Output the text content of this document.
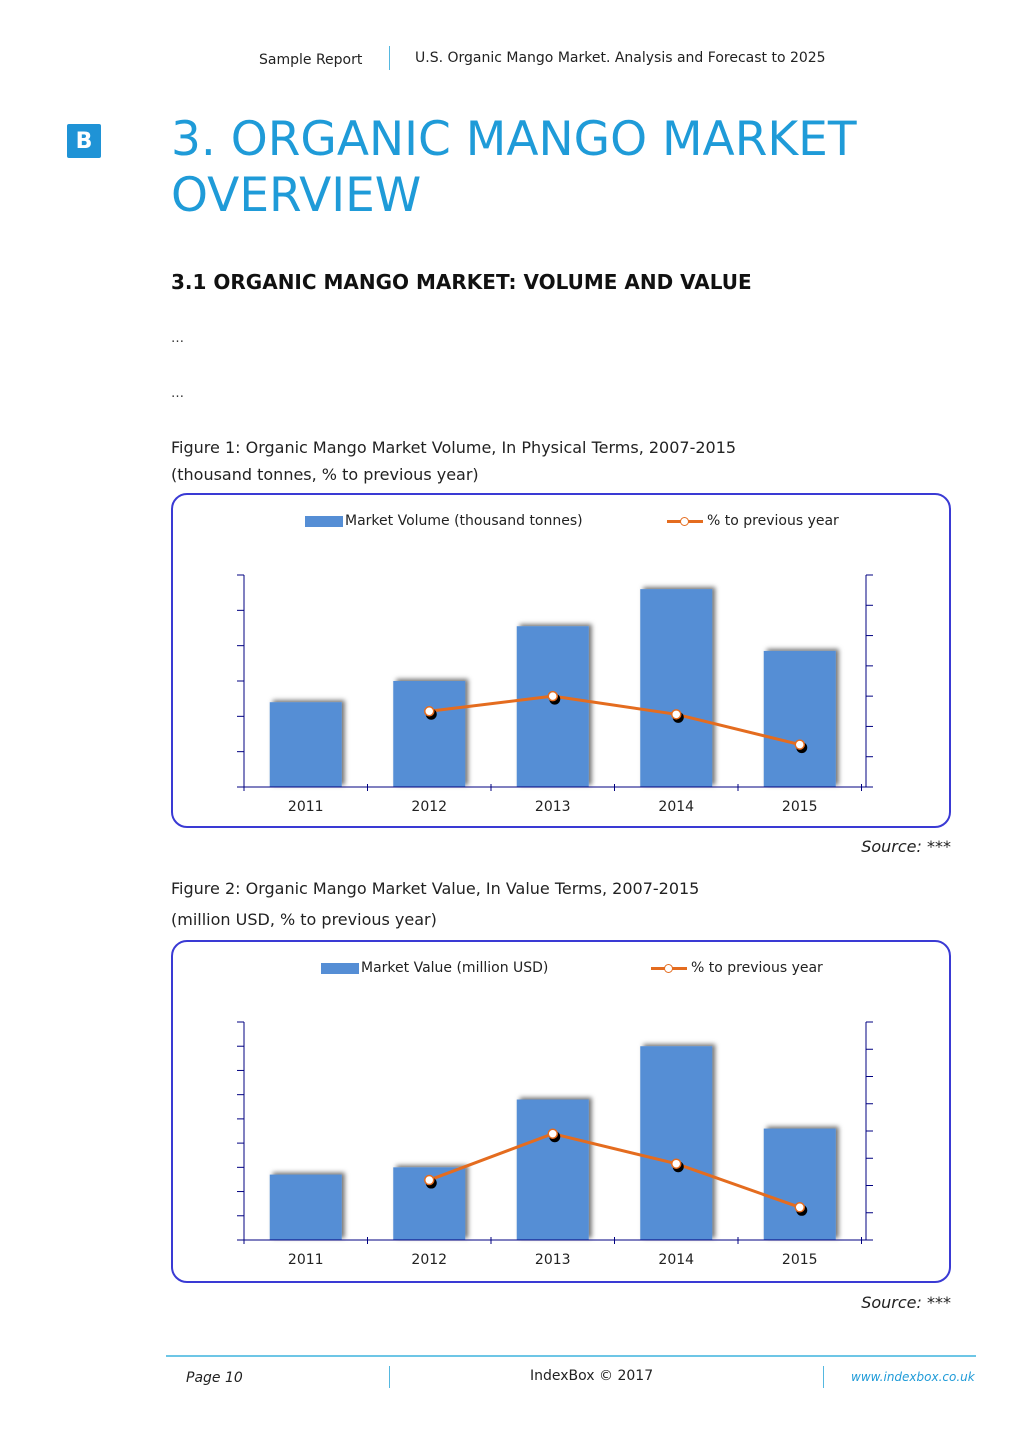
Sample Report	U.S. Organic Mango Market. Analysis and Forecast to 2025
B 3. ORGANIC MANGO MARKET OVERVIEW
3.1 ORGANIC MANGO MARKET: VOLUME AND VALUE
…
…
Figure 1: Organic Mango Market Volume, In Physical Terms, 2007-2015
(thousand tonnes, % to previous year)
2011	2012	2013	2014	2015
Market Volume (thousand tonnes)	% to previous year
Source: ***
Figure 2: Organic Mango Market Value, In Value Terms, 2007-2015
(million USD, % to previous year)
2011	2012	2013	2014	2015
Market Value (million USD)	% to previous year
Source: ***
Page 10	IndexBox © 2017	www.indexbox.co.uk
